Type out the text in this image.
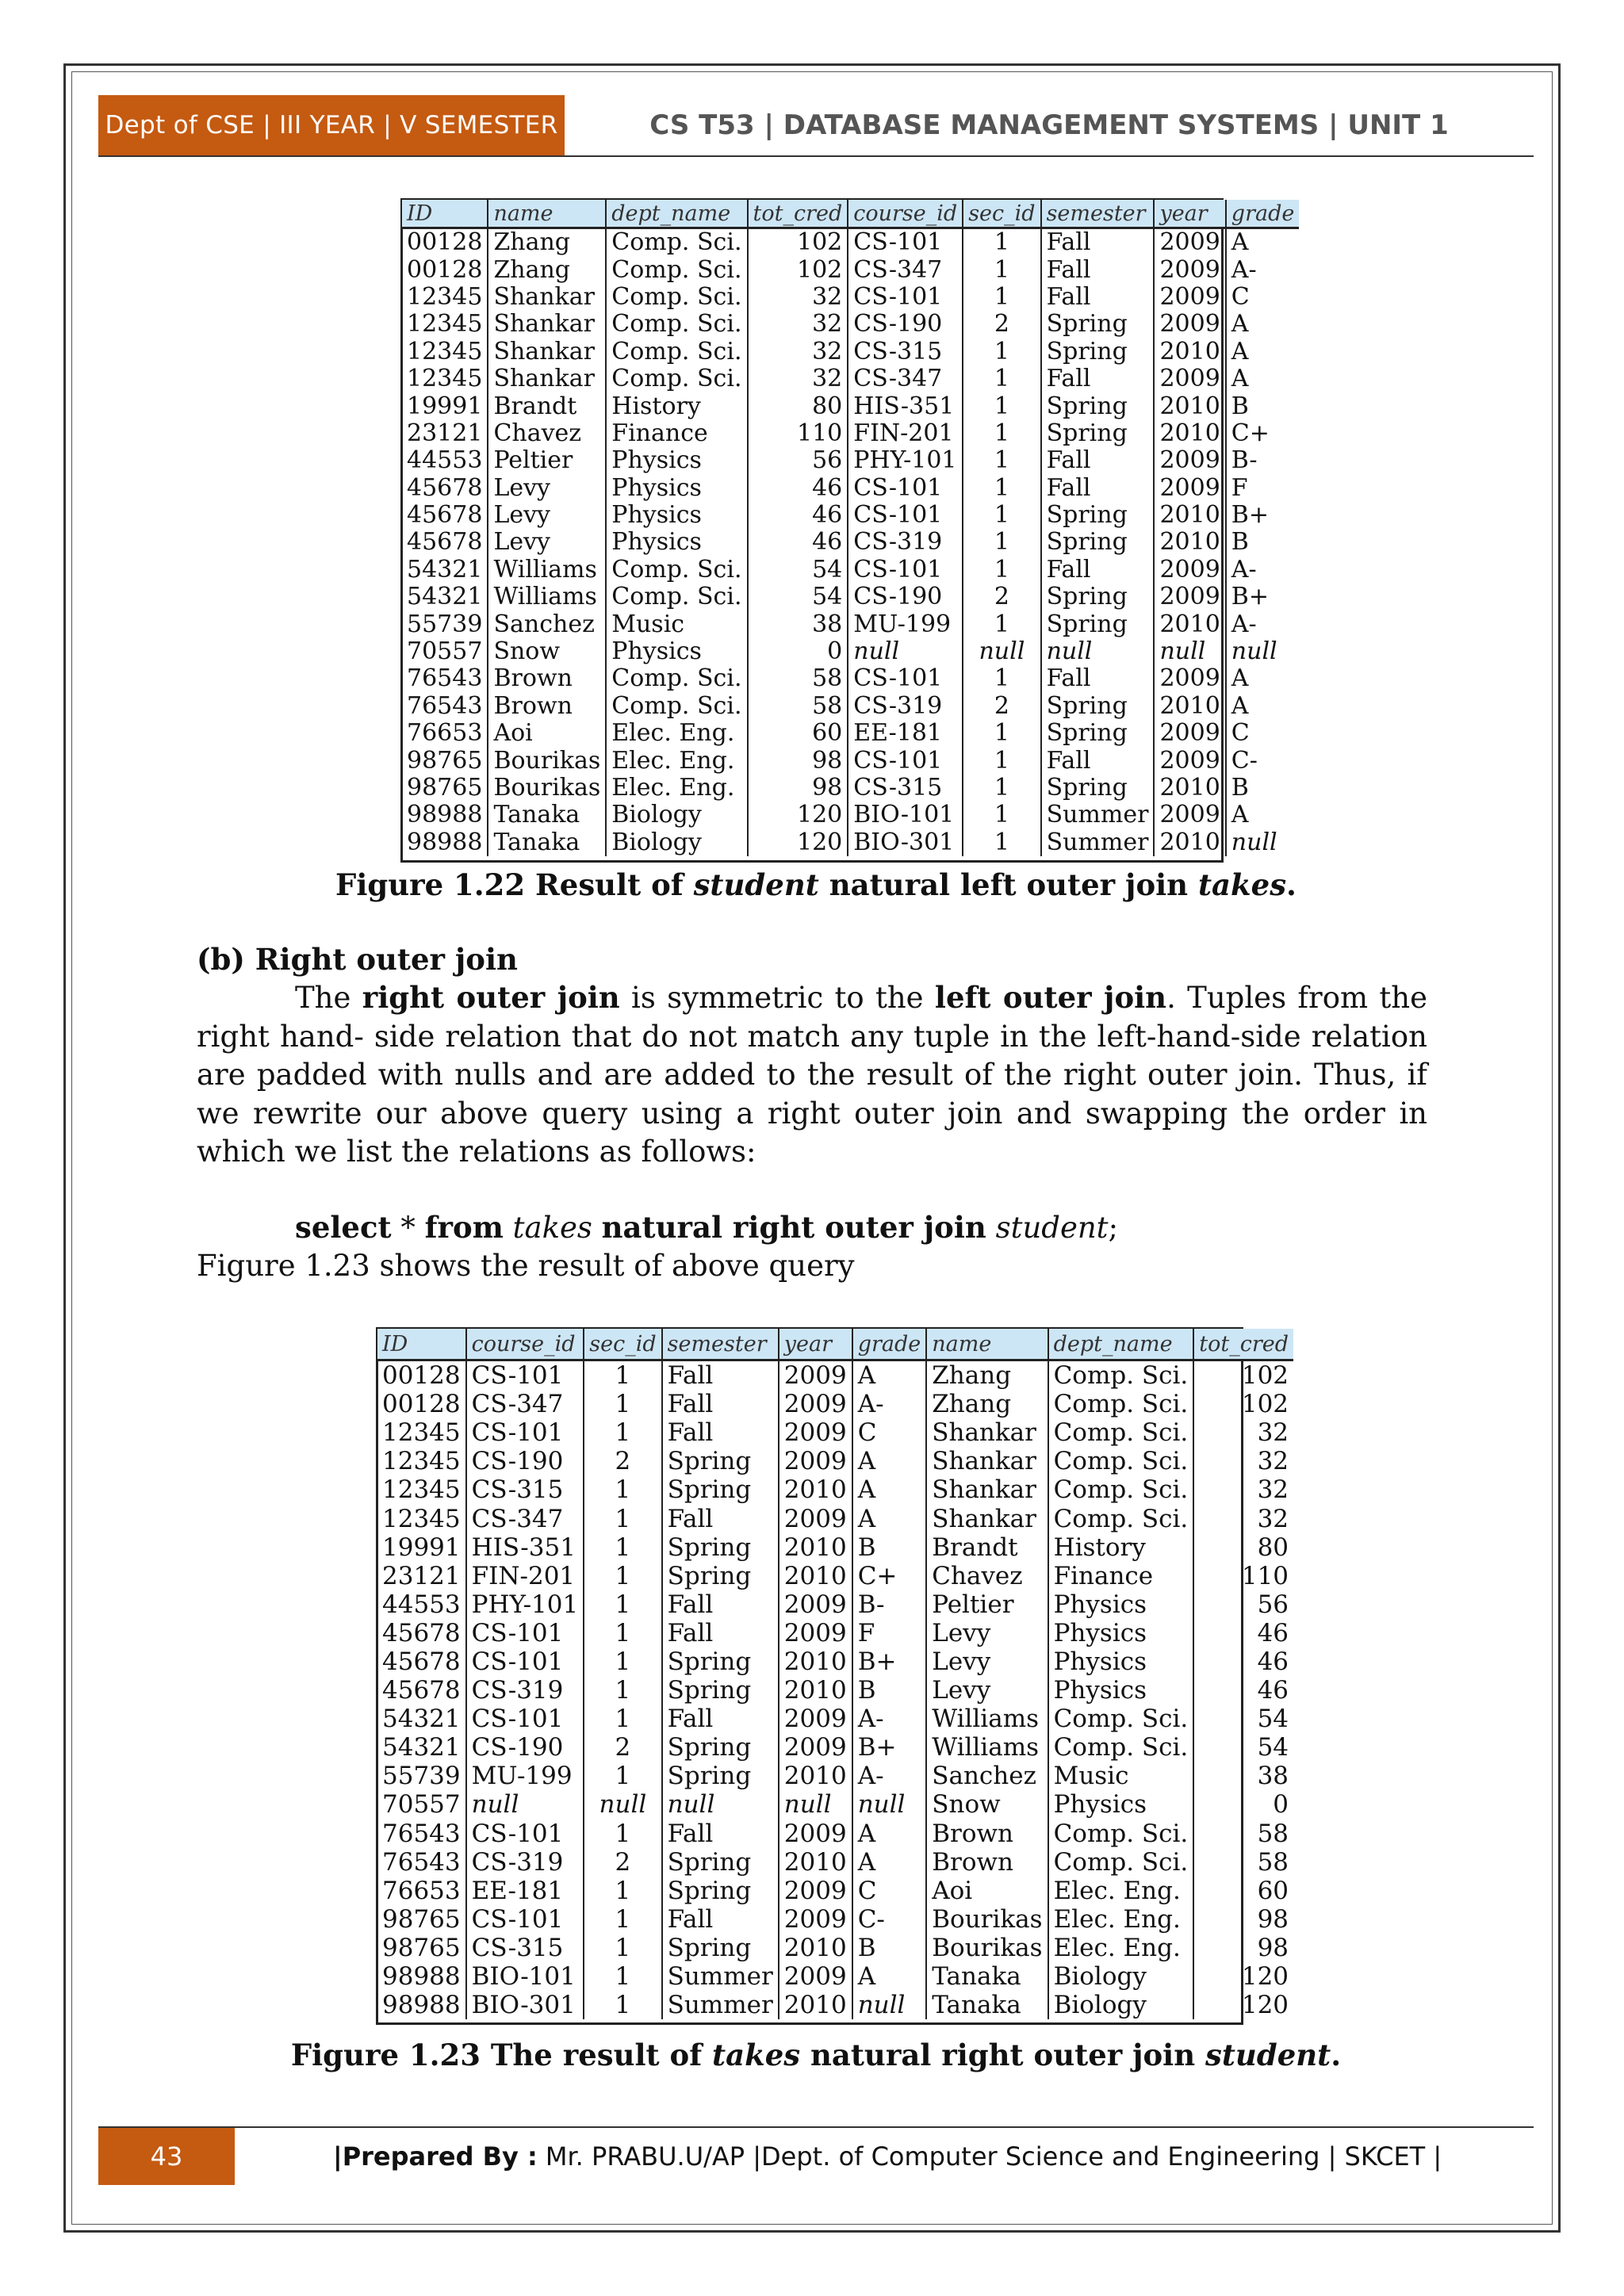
Dept of CSE | III YEAR | V SEMESTER	CS T53 | DATABASE MANAGEMENT SYSTEMS | UNIT 1
ID	name	dept_name	tot_cred	course_id	sec_id	semester	year	grade
00128	Zhang	Comp. Sci.	102	CS-101	1	Fall	2009	A
00128	Zhang	Comp. Sci.	102	CS-347	1	Fall	2009	A-
12345	Shankar	Comp. Sci.	32	CS-101	1	Fall	2009	C
12345	Shankar	Comp. Sci.	32	CS-190	2	Spring	2009	A
12345	Shankar	Comp. Sci.	32	CS-315	1	Spring	2010	A
12345	Shankar	Comp. Sci.	32	CS-347	1	Fall	2009	A
19991	Brandt	History	80	HIS-351	1	Spring	2010	B
23121	Chavez	Finance	110	FIN-201	1	Spring	2010	C+
44553	Peltier	Physics	56	PHY-101	1	Fall	2009	B-
45678	Levy	Physics	46	CS-101	1	Fall	2009	F
45678	Levy	Physics	46	CS-101	1	Spring	2010	B+
45678	Levy	Physics	46	CS-319	1	Spring	2010	B
54321	Williams	Comp. Sci.	54	CS-101	1	Fall	2009	A-
54321	Williams	Comp. Sci.	54	CS-190	2	Spring	2009	B+
55739	Sanchez	Music	38	MU-199	1	Spring	2010	A-
70557	Snow	Physics	0	null	null	null	null	null
76543	Brown	Comp. Sci.	58	CS-101	1	Fall	2009	A
76543	Brown	Comp. Sci.	58	CS-319	2	Spring	2010	A
76653	Aoi	Elec. Eng.	60	EE-181	1	Spring	2009	C
98765	Bourikas	Elec. Eng.	98	CS-101	1	Fall	2009	C-
98765	Bourikas	Elec. Eng.	98	CS-315	1	Spring	2010	B
98988	Tanaka	Biology	120	BIO-101	1	Summer	2009	A
98988	Tanaka	Biology	120	BIO-301	1	Summer	2010	null
Figure 1.22 Result of student natural left outer join takes.
(b) Right outer join
The right outer join is symmetric to the left outer join. Tuples from the right hand- side relation that do not match any tuple in the left-hand-side relation are padded with nulls and are added to the result of the right outer join. Thus, if we rewrite our above query using a right outer join and swapping the order in which we list the relations as follows:
select * from takes natural right outer join student;
Figure 1.23 shows the result of above query
ID	course_id	sec_id	semester	year	grade	name	dept_name	tot_cred
00128	CS-101	1	Fall	2009	A	Zhang	Comp. Sci.	102
00128	CS-347	1	Fall	2009	A-	Zhang	Comp. Sci.	102
12345	CS-101	1	Fall	2009	C	Shankar	Comp. Sci.	32
12345	CS-190	2	Spring	2009	A	Shankar	Comp. Sci.	32
12345	CS-315	1	Spring	2010	A	Shankar	Comp. Sci.	32
12345	CS-347	1	Fall	2009	A	Shankar	Comp. Sci.	32
19991	HIS-351	1	Spring	2010	B	Brandt	History	80
23121	FIN-201	1	Spring	2010	C+	Chavez	Finance	110
44553	PHY-101	1	Fall	2009	B-	Peltier	Physics	56
45678	CS-101	1	Fall	2009	F	Levy	Physics	46
45678	CS-101	1	Spring	2010	B+	Levy	Physics	46
45678	CS-319	1	Spring	2010	B	Levy	Physics	46
54321	CS-101	1	Fall	2009	A-	Williams	Comp. Sci.	54
54321	CS-190	2	Spring	2009	B+	Williams	Comp. Sci.	54
55739	MU-199	1	Spring	2010	A-	Sanchez	Music	38
70557	null	null	null	null	null	Snow	Physics	0
76543	CS-101	1	Fall	2009	A	Brown	Comp. Sci.	58
76543	CS-319	2	Spring	2010	A	Brown	Comp. Sci.	58
76653	EE-181	1	Spring	2009	C	Aoi	Elec. Eng.	60
98765	CS-101	1	Fall	2009	C-	Bourikas	Elec. Eng.	98
98765	CS-315	1	Spring	2010	B	Bourikas	Elec. Eng.	98
98988	BIO-101	1	Summer	2009	A	Tanaka	Biology	120
98988	BIO-301	1	Summer	2010	null	Tanaka	Biology	120
Figure 1.23 The result of takes natural right outer join student.
43	|Prepared By : Mr. PRABU.U/AP |Dept. of Computer Science and Engineering | SKCET |
